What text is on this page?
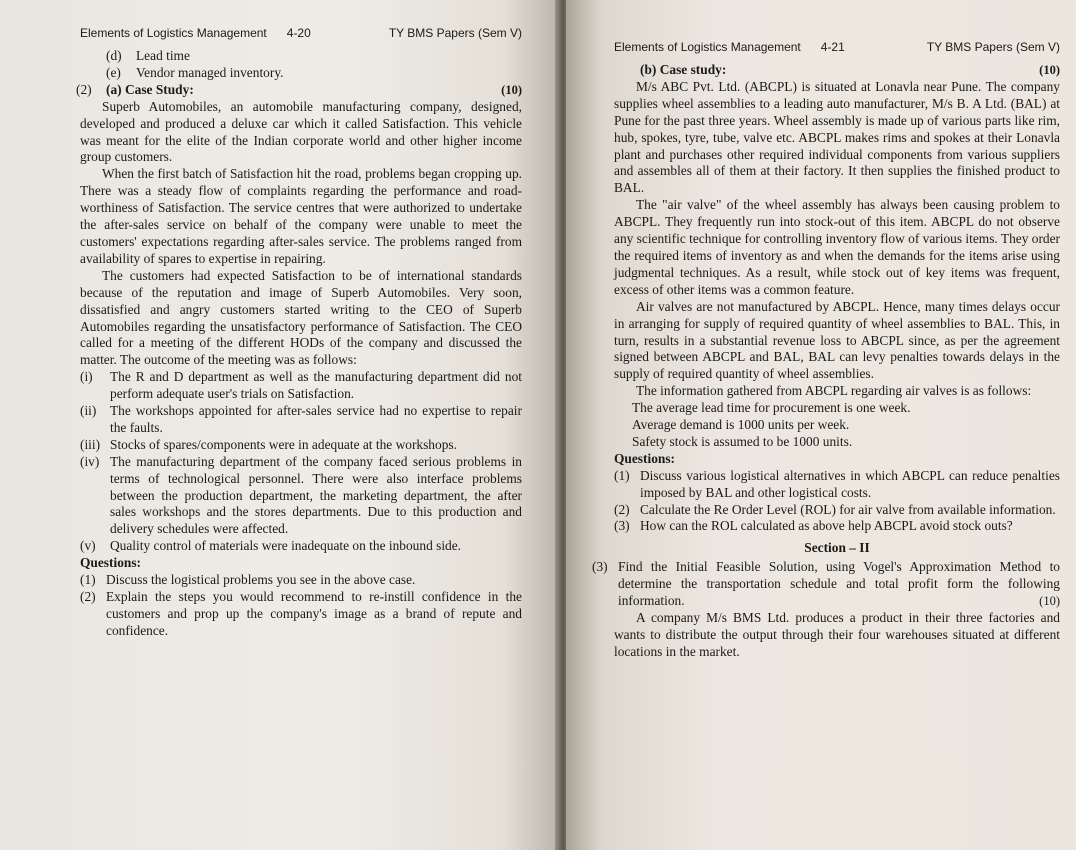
Elements of Logistics Management 4-20	TY BMS Papers (Sem V)
(d)	Lead time
(e)	Vendor managed inventory.
(2)	(a) Case Study:	(10)

Superb Automobiles, an automobile manufacturing company, designed, developed and produced a deluxe car which it called Satisfaction. This vehicle was meant for the elite of the Indian corporate world and other higher income group customers.

When the first batch of Satisfaction hit the road, problems began cropping up. There was a steady flow of complaints regarding the performance and road-worthiness of Satisfaction. The service centres that were authorized to undertake the after-sales service on behalf of the company were unable to meet the customers' expectations regarding after-sales service. The problems ranged from availability of spares to expertise in repairing.

The customers had expected Satisfaction to be of international standards because of the reputation and image of Superb Automobiles. Very soon, dissatisfied and angry customers started writing to the CEO of Superb Automobiles regarding the unsatisfactory performance of Satisfaction. The CEO called for a meeting of the different HODs of the company and discussed the matter. The outcome of the meeting was as follows:

(i)	The R and D department as well as the manufacturing department did not perform adequate user's trials on Satisfaction.
(ii)	The workshops appointed for after-sales service had no expertise to repair the faults.
(iii) Stocks of spares/components were in adequate at the workshops.
(iv) The manufacturing department of the company faced serious problems in terms of technological personnel. There were also interface problems between the production department, the marketing department, the after sales workshops and the stores departments. Due to this production and delivery schedules were affected.
(v)	Quality control of materials were inadequate on the inbound side.
Questions:
(1) Discuss the logistical problems you see in the above case.
(2) Explain the steps you would recommend to re-instill confidence in the customers and prop up the company's image as a brand of repute and confidence.
Elements of Logistics Management 4-21	TY BMS Papers (Sem V)
(b) Case study:	(10)

M/s ABC Pvt. Ltd. (ABCPL) is situated at Lonavla near Pune. The company supplies wheel assemblies to a leading auto manufacturer, M/s B. A Ltd. (BAL) at Pune for the past three years. Wheel assembly is made up of various parts like rim, hub, spokes, tyre, tube, valve etc. ABCPL makes rims and spokes at their Lonavla plant and purchases other required individual components from various suppliers and assembles all of them at their factory. It then supplies the finished product to BAL.

The "air valve" of the wheel assembly has always been causing problem to ABCPL. They frequently run into stock-out of this item. ABCPL do not observe any scientific technique for controlling inventory flow of various items. They order the required items of inventory as and when the demands for the items arise using judgmental techniques. As a result, while stock out of key items was frequent, excess of other items was a common feature.

Air valves are not manufactured by ABCPL. Hence, many times delays occur in arranging for supply of required quantity of wheel assemblies to BAL. This, in turn, results in a substantial revenue loss to ABCPL since, as per the agreement signed between ABCPL and BAL, BAL can levy penalties towards delays in the supply of required quantity of wheel assemblies.

The information gathered from ABCPL regarding air valves is as follows:

The average lead time for procurement is one week.

Average demand is 1000 units per week.

Safety stock is assumed to be 1000 units.

Questions:
(1) Discuss various logistical alternatives in which ABCPL can reduce penalties imposed by BAL and other logistical costs.
(2) Calculate the Re Order Level (ROL) for air valve from available information.
(3) How can the ROL calculated as above help ABCPL avoid stock outs?
Section – II
(3) Find the Initial Feasible Solution, using Vogel's Approximation Method to determine the transportation schedule and total profit form the following information.	(10)

A company M/s BMS Ltd. produces a product in their three factories and wants to distribute the output through their four warehouses situated at different locations in the market.
